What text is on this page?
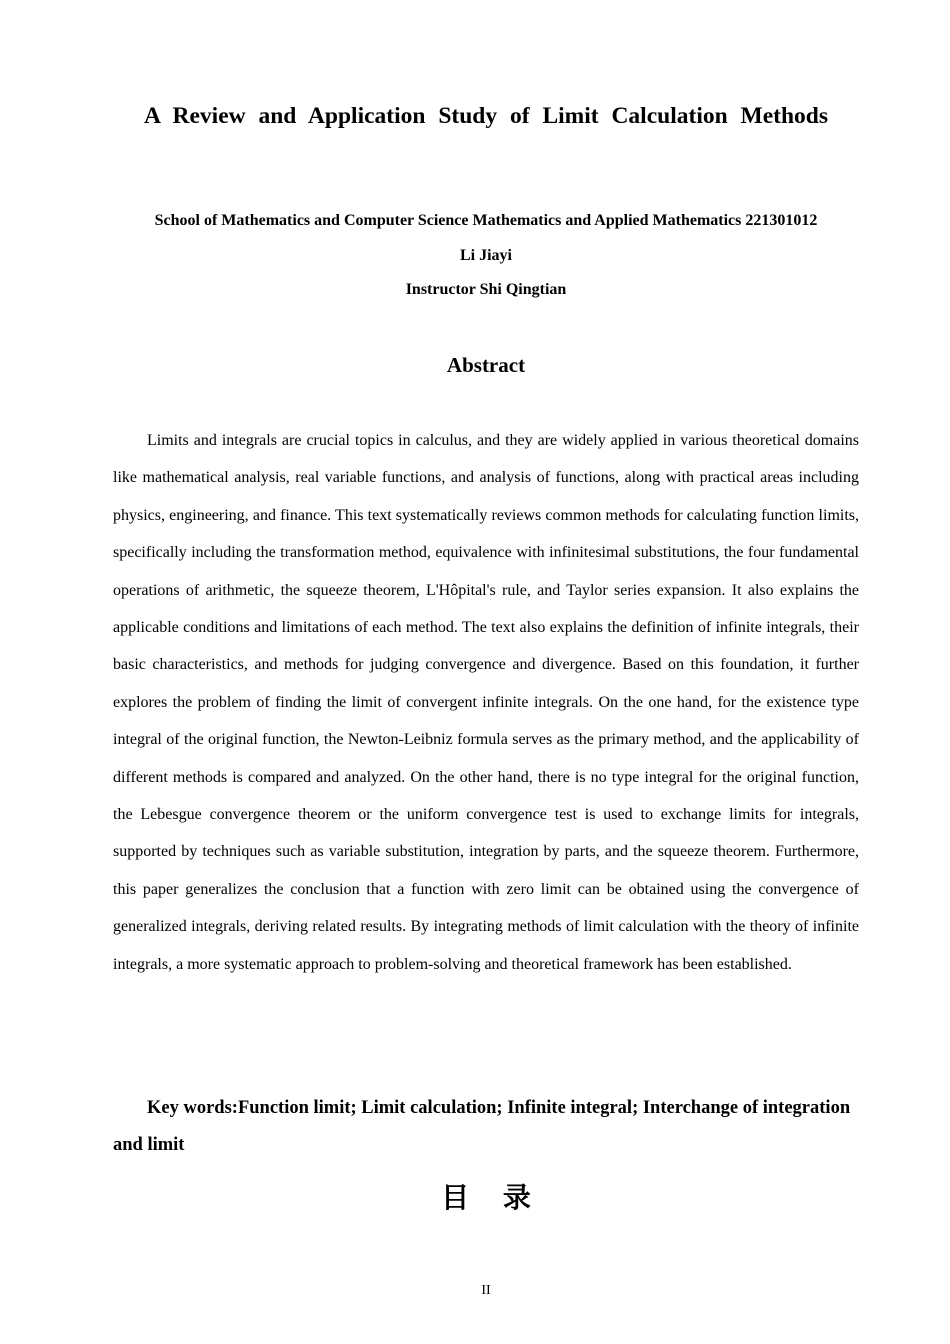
A Review and Application Study of Limit Calculation Methods
School of Mathematics and Computer Science Mathematics and Applied Mathematics 221301012
Li Jiayi
Instructor Shi Qingtian
Abstract

Limits and integrals are crucial topics in calculus, and they are widely applied in various theoretical domains like mathematical analysis, real variable functions, and analysis of functions, along with practical areas including physics, engineering, and finance. This text systematically reviews common methods for calculating function limits, specifically including the transformation method, equivalence with infinitesimal substitutions, the four fundamental operations of arithmetic, the squeeze theorem, L'Hôpital's rule, and Taylor series expansion. It also explains the applicable conditions and limitations of each method. The text also explains the definition of infinite integrals, their basic characteristics, and methods for judging convergence and divergence. Based on this foundation, it further explores the problem of finding the limit of convergent infinite integrals. On the one hand, for the existence type integral of the original function, the Newton-Leibniz formula serves as the primary method, and the applicability of different methods is compared and analyzed. On the other hand, there is no type integral for the original function, the Lebesgue convergence theorem or the uniform convergence test is used to exchange limits for integrals, supported by techniques such as variable substitution, integration by parts, and the squeeze theorem. Furthermore, this paper generalizes the conclusion that a function with zero limit can be obtained using the convergence of generalized integrals, deriving related results. By integrating methods of limit calculation with the theory of infinite integrals, a more systematic approach to problem-solving and theoretical framework has been established.

Key words:Function limit; Limit calculation; Infinite integral; Interchange of integration and limit

目 录
II
